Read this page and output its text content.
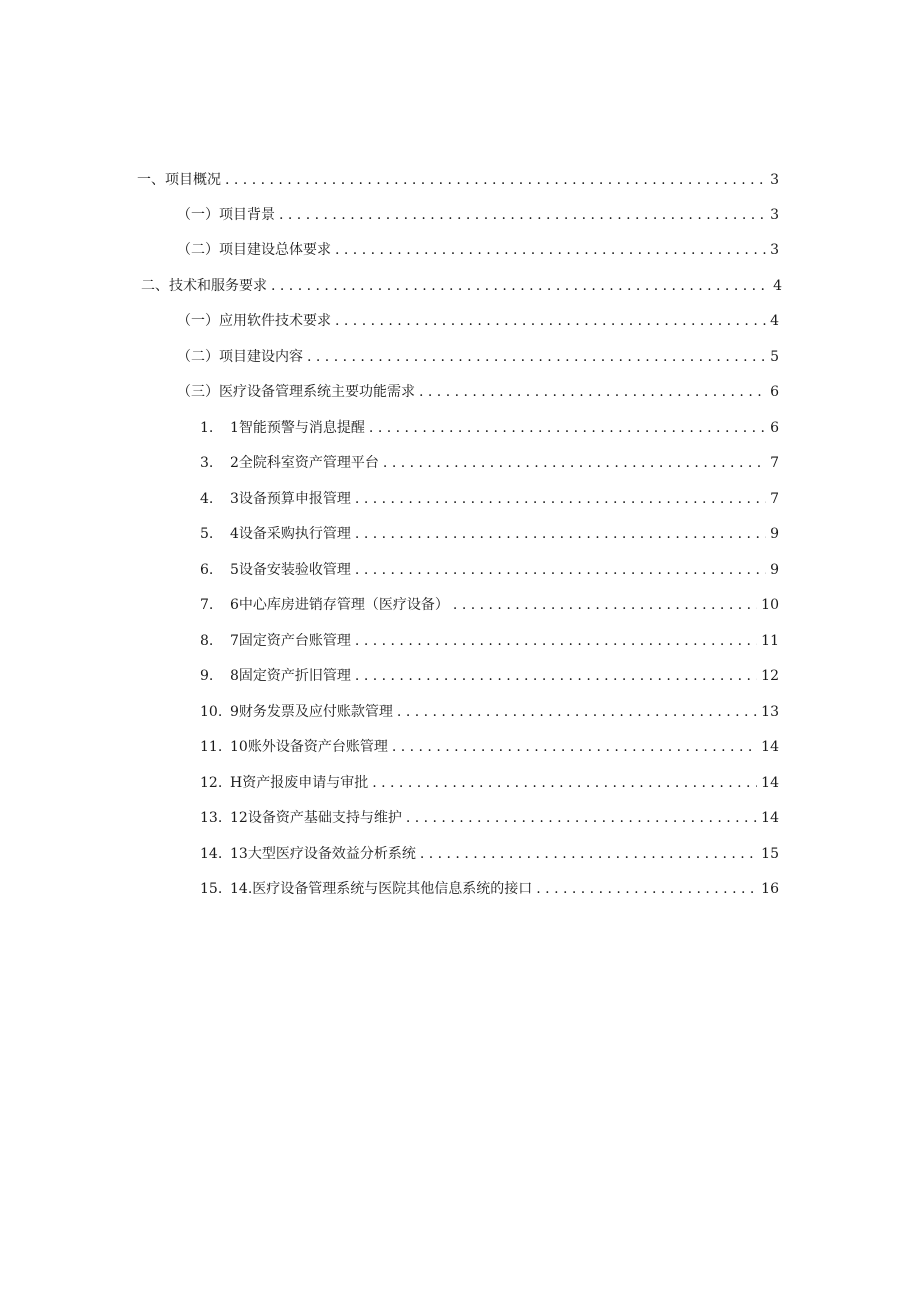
一、项目概况 . . .	3
（一）项目背景 . . .	3
（二）项目建设总体要求 . . .	3
二、技术和服务要求 . . .	4
（一）应用软件技术要求 . . .	4
（二）项目建设内容 . . .	5
（三）医疗设备管理系统主要功能需求 . . .	6
1.	1智能预警与消息提醒 . . .	6
3.	2全院科室资产管理平台 . . .	7
4.	3设备预算申报管理 . . .	7
5.	4设备采购执行管理 . . .	9
6.	5设备安装验收管理 . . .	9
7.	6中心库房进销存管理（医疗设备） . . .	10
8.	7固定资产台账管理 . . .	11
9.	8固定资产折旧管理 . . .	12
10. 9财务发票及应付账款管理 . . .	13
11. 10账外设备资产台账管理 . . .	14
12. H资产报废申请与审批 . . .	14
13. 12设备资产基础支持与维护 . . .	14
14. 13大型医疗设备效益分析系统 . . .	15
15. 14.医疗设备管理系统与医院其他信息系统的接口 . . .	16
